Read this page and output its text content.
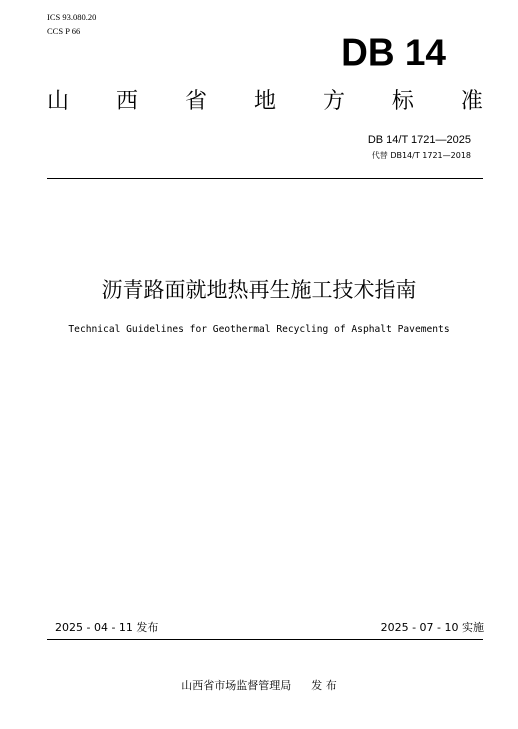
ICS 93.080.20
CCS P 66	DB 14
山 西 省 地 方 标 准
DB 14/T 1721—2025
代替 DB14/T 1721—2018
沥青路面就地热再生施工技术指南
Technical Guidelines for Geothermal Recycling of Asphalt Pavements
2025 - 04 - 11 发布	2025 - 07 - 10 实施
山西省市场监督管理局 发 布
